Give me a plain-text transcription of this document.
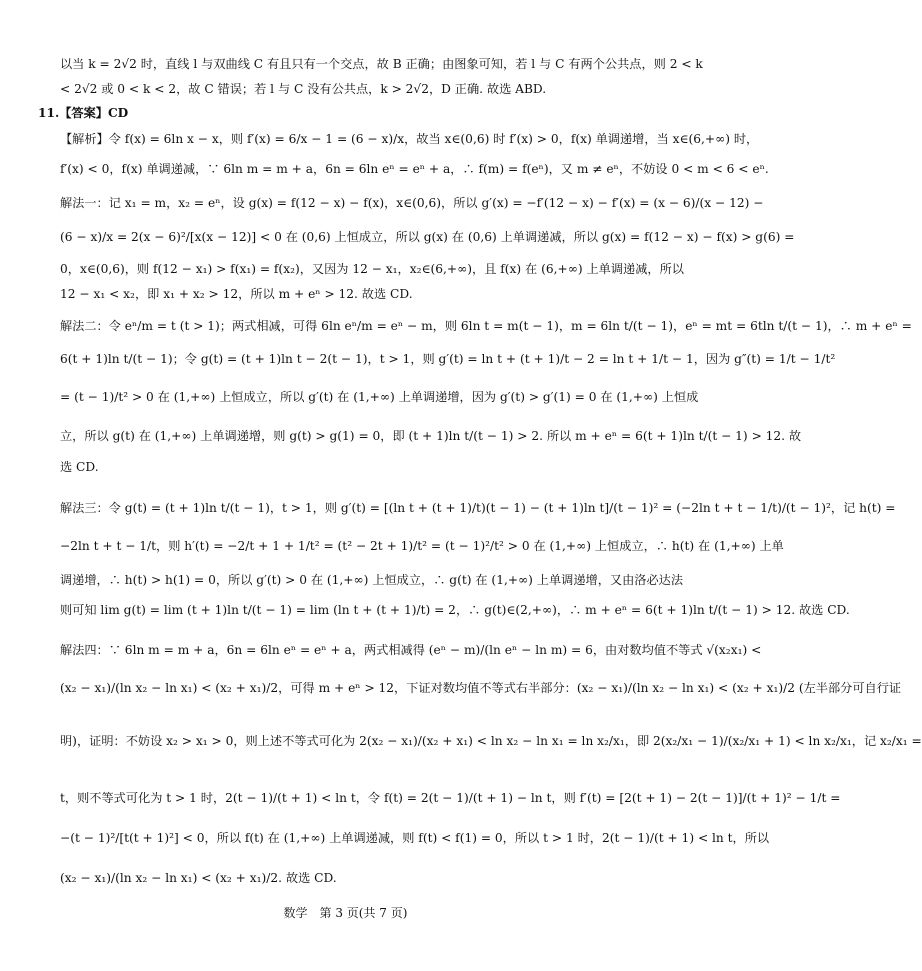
以当 k = 2√2 时，直线 l 与双曲线 C 有且只有一个交点，故 B 正确；由图象可知，若 l 与 C 有两个公共点，则 2 < k
< 2√2 或 0 < k < 2，故 C 错误；若 l 与 C 没有公共点，k > 2√2，D 正确. 故选 ABD.
11.【答案】CD
【解析】令 f(x) = 6ln x − x，则 f′(x) = 6/x − 1 = (6 − x)/x，故当 x∈(0,6) 时 f′(x) > 0，f(x) 单调递增，当 x∈(6,+∞) 时，
f′(x) < 0，f(x) 单调递减，∵ 6ln m = m + a，6n = 6ln eⁿ = eⁿ + a，∴ f(m) = f(eⁿ)，又 m ≠ eⁿ，不妨设 0 < m < 6 < eⁿ.
解法一：记 x₁ = m，x₂ = eⁿ，设 g(x) = f(12 − x) − f(x)，x∈(0,6)，所以 g′(x) = −f′(12 − x) − f′(x) = (x − 6)/(x − 12) −
(6 − x)/x = 2(x − 6)²/[x(x − 12)] < 0 在 (0,6) 上恒成立，所以 g(x) 在 (0,6) 上单调递减，所以 g(x) = f(12 − x) − f(x) > g(6) =
0，x∈(0,6)，则 f(12 − x₁) > f(x₁) = f(x₂)，又因为 12 − x₁，x₂∈(6,+∞)，且 f(x) 在 (6,+∞) 上单调递减，所以
12 − x₁ < x₂，即 x₁ + x₂ > 12，所以 m + eⁿ > 12. 故选 CD.
解法二：令 eⁿ/m = t (t > 1)；两式相减，可得 6ln eⁿ/m = eⁿ − m，则 6ln t = m(t − 1)，m = 6ln t/(t − 1)，eⁿ = mt = 6tln t/(t − 1)，∴ m + eⁿ =
6(t + 1)ln t/(t − 1)；令 g(t) = (t + 1)ln t − 2(t − 1)，t > 1，则 g′(t) = ln t + (t + 1)/t − 2 = ln t + 1/t − 1，因为 g″(t) = 1/t − 1/t²
= (t − 1)/t² > 0 在 (1,+∞) 上恒成立，所以 g′(t) 在 (1,+∞) 上单调递增，因为 g′(t) > g′(1) = 0 在 (1,+∞) 上恒成
立，所以 g(t) 在 (1,+∞) 上单调递增，则 g(t) > g(1) = 0，即 (t + 1)ln t/(t − 1) > 2. 所以 m + eⁿ = 6(t + 1)ln t/(t − 1) > 12. 故
选 CD.
解法三：令 g(t) = (t + 1)ln t/(t − 1)，t > 1，则 g′(t) = [(ln t + (t + 1)/t)(t − 1) − (t + 1)ln t]/(t − 1)² = (−2ln t + t − 1/t)/(t − 1)²，记 h(t) =
−2ln t + t − 1/t，则 h′(t) = −2/t + 1 + 1/t² = (t² − 2t + 1)/t² = (t − 1)²/t² > 0 在 (1,+∞) 上恒成立，∴ h(t) 在 (1,+∞) 上单
调递增，∴ h(t) > h(1) = 0，所以 g′(t) > 0 在 (1,+∞) 上恒成立，∴ g(t) 在 (1,+∞) 上单调递增，又由洛必达法
则可知 lim g(t) = lim (t + 1)ln t/(t − 1) = lim (ln t + (t + 1)/t) = 2，∴ g(t)∈(2,+∞)，∴ m + eⁿ = 6(t + 1)ln t/(t − 1) > 12. 故选 CD.
解法四：∵ 6ln m = m + a，6n = 6ln eⁿ = eⁿ + a，两式相减得 (eⁿ − m)/(ln eⁿ − ln m) = 6，由对数均值不等式 √(x₂x₁) <
(x₂ − x₁)/(ln x₂ − ln x₁) < (x₂ + x₁)/2，可得 m + eⁿ > 12，下证对数均值不等式右半部分：(x₂ − x₁)/(ln x₂ − ln x₁) < (x₂ + x₁)/2 (左半部分可自行证
明)，证明：不妨设 x₂ > x₁ > 0，则上述不等式可化为 2(x₂ − x₁)/(x₂ + x₁) < ln x₂ − ln x₁ = ln x₂/x₁，即 2(x₂/x₁ − 1)/(x₂/x₁ + 1) < ln x₂/x₁，记 x₂/x₁ =
t，则不等式可化为 t > 1 时，2(t − 1)/(t + 1) < ln t，令 f(t) = 2(t − 1)/(t + 1) − ln t，则 f′(t) = [2(t + 1) − 2(t − 1)]/(t + 1)² − 1/t =
−(t − 1)²/[t(t + 1)²] < 0，所以 f(t) 在 (1,+∞) 上单调递减，则 f(t) < f(1) = 0，所以 t > 1 时，2(t − 1)/(t + 1) < ln t，所以
(x₂ − x₁)/(ln x₂ − ln x₁) < (x₂ + x₁)/2. 故选 CD.
数学　第 3 页(共 7 页)
